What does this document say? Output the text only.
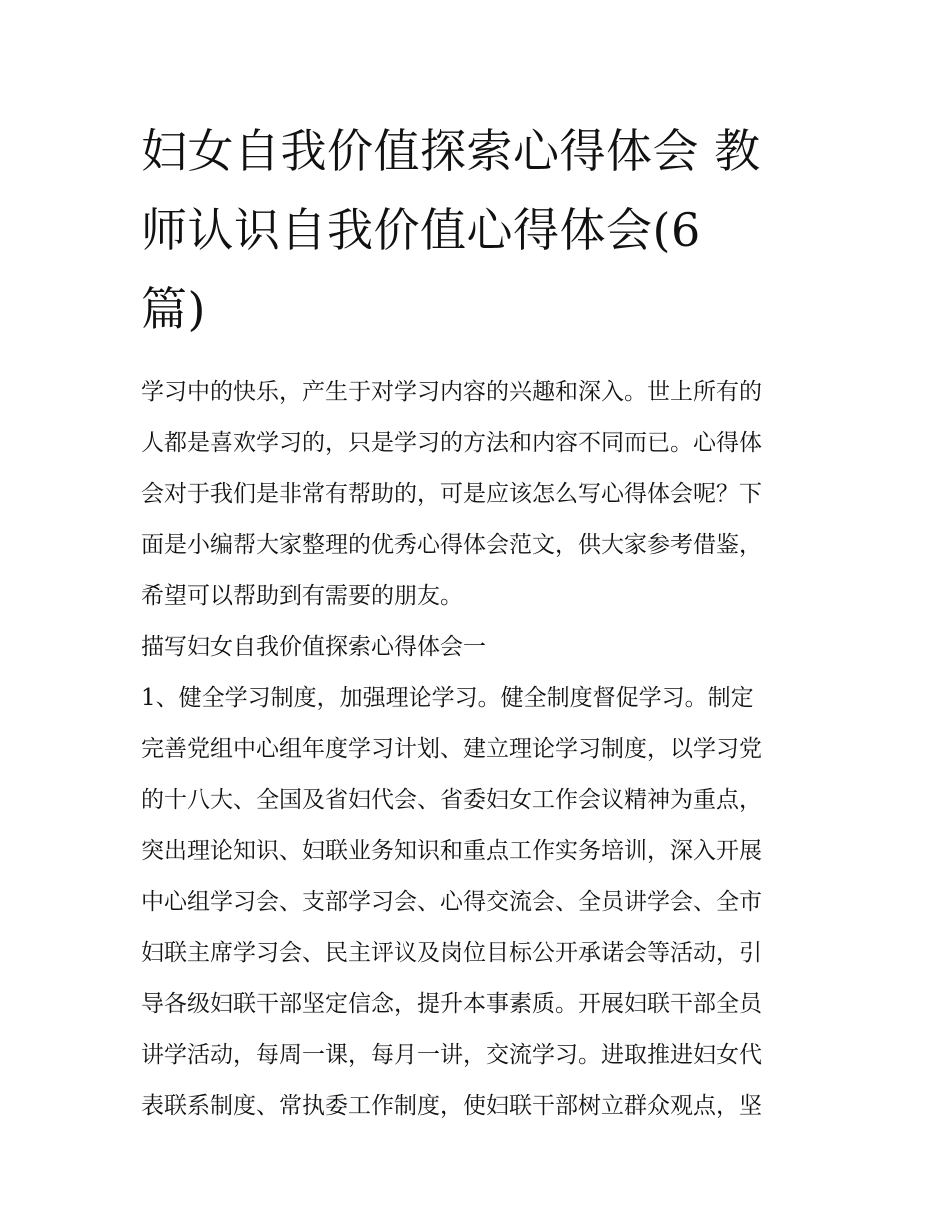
妇女自我价值探索心得体会 教
师认识自我价值心得体会(6
篇)

学习中的快乐，产生于对学习内容的兴趣和深入。世上所有的
人都是喜欢学习的，只是学习的方法和内容不同而已。心得体
会对于我们是非常有帮助的，可是应该怎么写心得体会呢？下
面是小编帮大家整理的优秀心得体会范文，供大家参考借鉴，
希望可以帮助到有需要的朋友。

描写妇女自我价值探索心得体会一

1、健全学习制度，加强理论学习。健全制度督促学习。制定
完善党组中心组年度学习计划、建立理论学习制度，以学习党
的十八大、全国及省妇代会、省委妇女工作会议精神为重点，
突出理论知识、妇联业务知识和重点工作实务培训，深入开展
中心组学习会、支部学习会、心得交流会、全员讲学会、全市
妇联主席学习会、民主评议及岗位目标公开承诺会等活动，引
导各级妇联干部坚定信念，提升本事素质。开展妇联干部全员
讲学活动，每周一课，每月一讲，交流学习。进取推进妇女代
表联系制度、常执委工作制度，使妇联干部树立群众观点，坚
